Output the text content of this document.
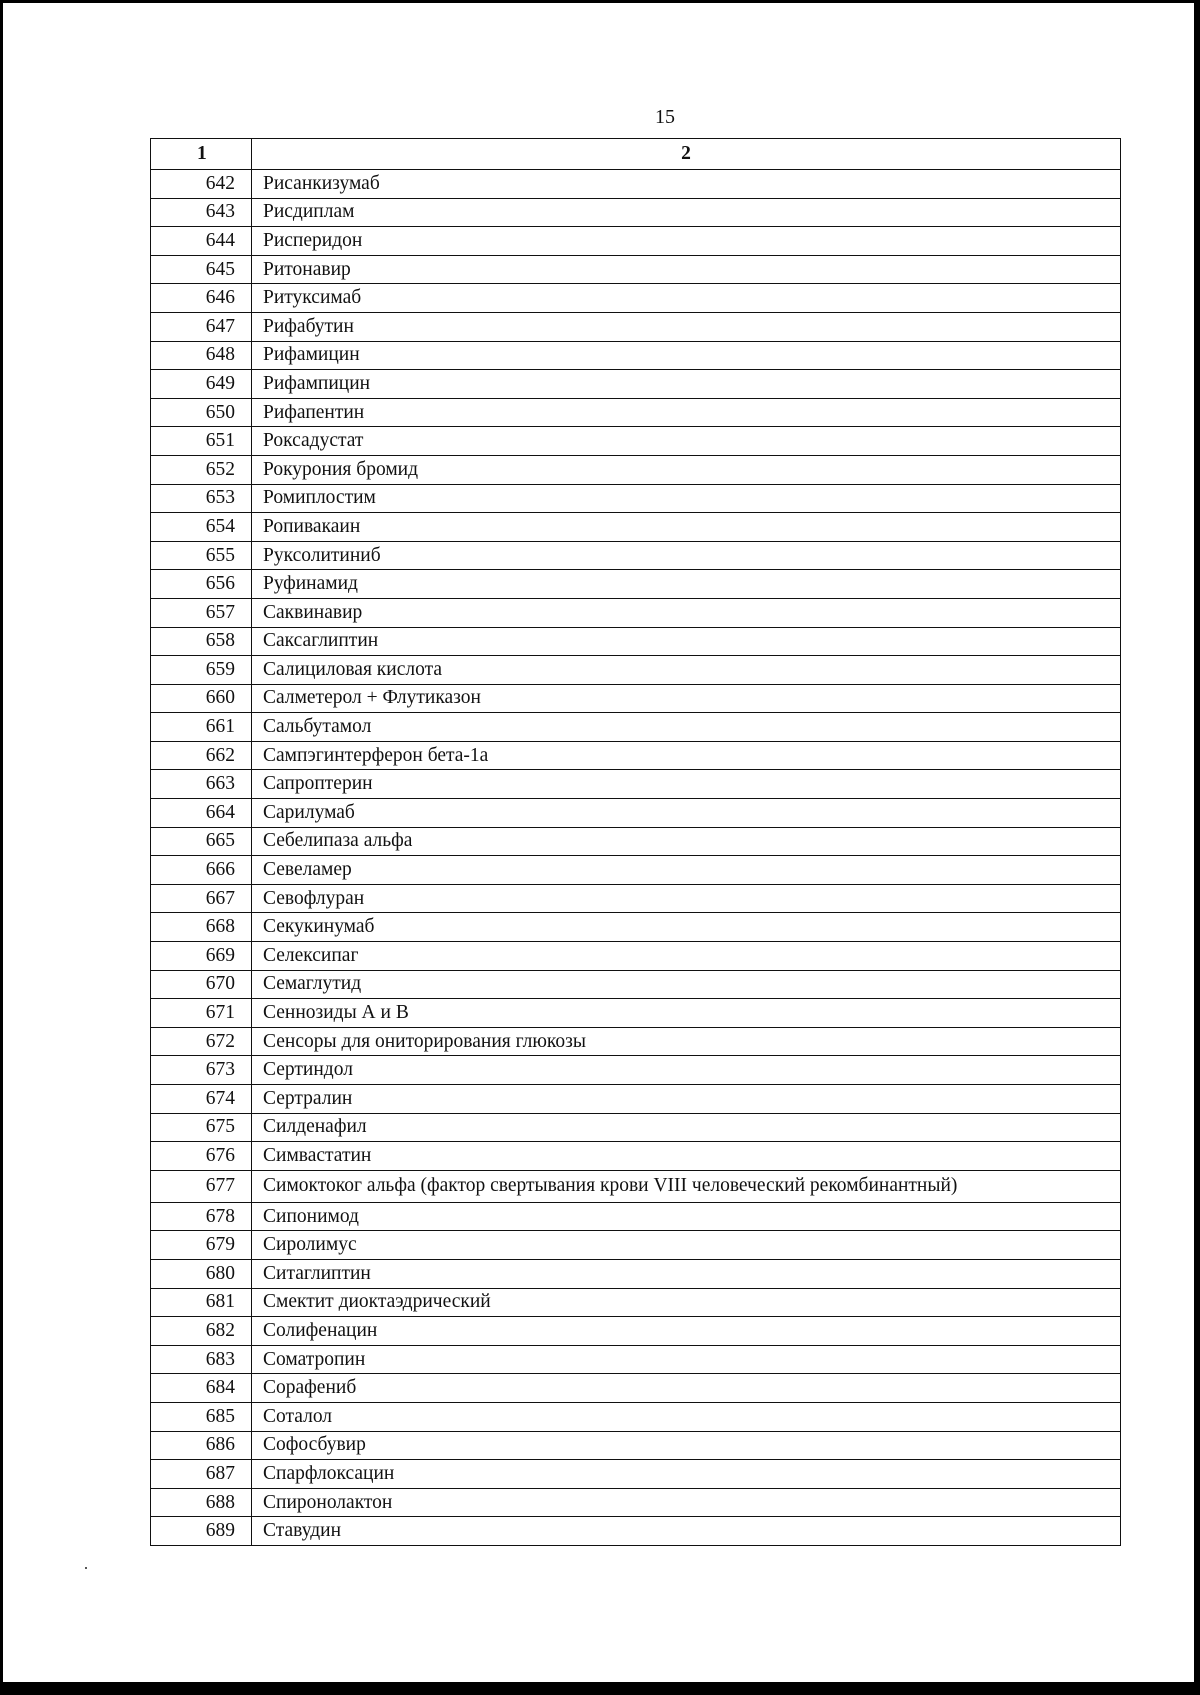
15
1	2
642	Рисанкизумаб
643	Рисдиплам
644	Рисперидон
645	Ритонавир
646	Ритуксимаб
647	Рифабутин
648	Рифамицин
649	Рифампицин
650	Рифапентин
651	Роксадустат
652	Рокурония бромид
653	Ромиплостим
654	Ропивакаин
655	Руксолитиниб
656	Руфинамид
657	Саквинавир
658	Саксаглиптин
659	Салициловая кислота
660	Салметерол + Флутиказон
661	Сальбутамол
662	Сампэгинтерферон бета-1а
663	Сапроптерин
664	Сарилумаб
665	Себелипаза альфа
666	Севеламер
667	Севофлуран
668	Секукинумаб
669	Селексипаг
670	Семаглутид
671	Сеннозиды А и В
672	Сенсоры для ониторирования глюкозы
673	Сертиндол
674	Сертралин
675	Силденафил
676	Симвастатин
677	Симоктоког альфа (фактор свертывания крови VIII человеческий рекомбинантный)
678	Сипонимод
679	Сиролимус
680	Ситаглиптин
681	Смектит диоктаэдрический
682	Солифенацин
683	Соматропин
684	Сорафениб
685	Соталол
686	Софосбувир
687	Спарфлоксацин
688	Спиронолактон
689	Ставудин
